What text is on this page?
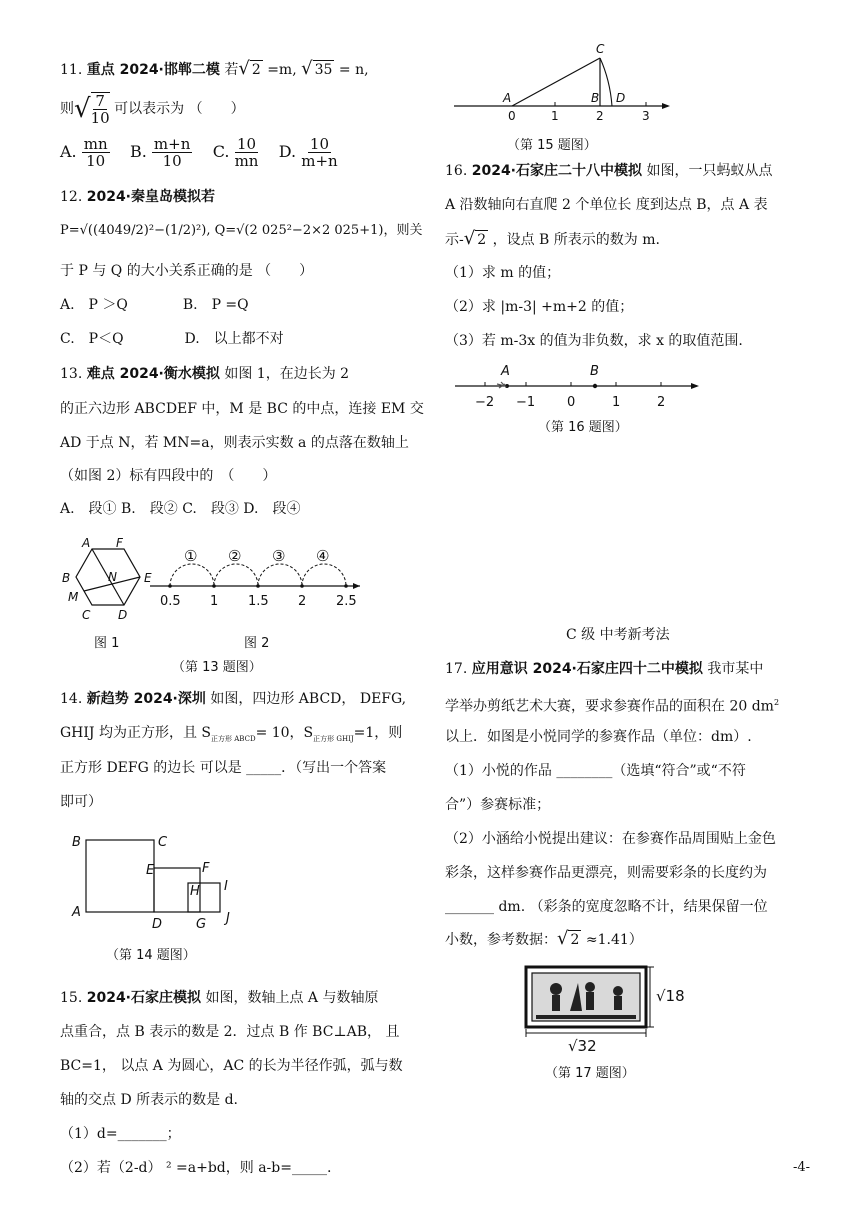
11. 重点 2024·邯郸二模 若√ 2 =m, √ 35 = n,
则√ $\frac{7}{10}$ 可以表示为 （　　）
A. $\frac{mn}{10} B$. $\frac{m+n}{10} C$. $\frac{10}{mn} D$. $\frac{10}{m+n}$
12. 2024·秦皇岛模拟若
P=√((4049/2)²−(1/2)²), Q=√(2 025²−2×2 025+1)，则关
于 P 与 Q 的大小关系正确的是 （　　）
A.　P ＞Q	B.　P =Q
C.　P＜Q	D.　以上都不对
13. 难点 2024·衡水模拟 如图 1，在边长为 2
的正六边形 ABCDEF 中，M 是 BC 的中点，连接 EM 交
AD 于点 N，若 MN=a，则表示实数 a 的点落在数轴上
（如图 2）标有四段中的　（　　）
A.　段① B.　段② C.　段③ D.　段④
A F
B	N E
M
C D
图 1
① ② ③ ④
0.5 1 1.5 2 2.5
图 2
（第 13 题图）
14. 新趋势 2024·深圳 如图，四边形 ABCD， DEFG,
GHIJ 均为正方形，且 $S_{正方形 ABCD}= 10$，$S_{正方形 GHIJ}=1$，则
正方形 DEFG 的边长 可以是 _____．（写出一个答案
即可）
B	C
E	F
H I
A
D	G J
（第 14 题图）
15. 2024·石家庄模拟 如图，数轴上点 A 与数轴原
点重合，点 B 表示的数是 2．过点 B 作 BC⊥AB， 且
BC=1， 以点 A 为圆心，AC 的长为半径作弧，弧与数
轴的交点 D 所表示的数是 d.
（1）d=_______；
（2）若（2-d） ² =a+bd，则 a-b=_____.
C
A	B D
0	1	2	3
（第 15 题图）
16. 2024·石家庄二十八中模拟 如图，一只蚂蚁从点
A 沿数轴向右直爬 2 个单位长 度到达点 B，点 A 表
示-√ 2 ，设点 B 所表示的数为 m.
（1）求 m 的值；
（2）求 |m-3| +m+2 的值；
（3）若 m-3x 的值为非负数，求 x 的取值范围.
A	B
−2 −1 0	1	2
（第 16 题图）
C 级 中考新考法
17. 应用意识 2024·石家庄四十二中模拟 我市某中
学举办剪纸艺术大赛，要求参赛作品的面积在 20 $dm^2$
以上．如图是小悦同学的参赛作品（单位：dm）.
（1）小悦的作品 ________（选填“符合”或“不符
合”）参赛标准；
（2）小涵给小悦提出建议：在参赛作品周围贴上金色
彩条，这样参赛作品更漂亮，则需要彩条的长度约为
_______ dm. （彩条的宽度忽略不计，结果保留一位
小数，参考数据：√ 2 ≈1.41）
√18
√32
（第 17 题图）
-4-
